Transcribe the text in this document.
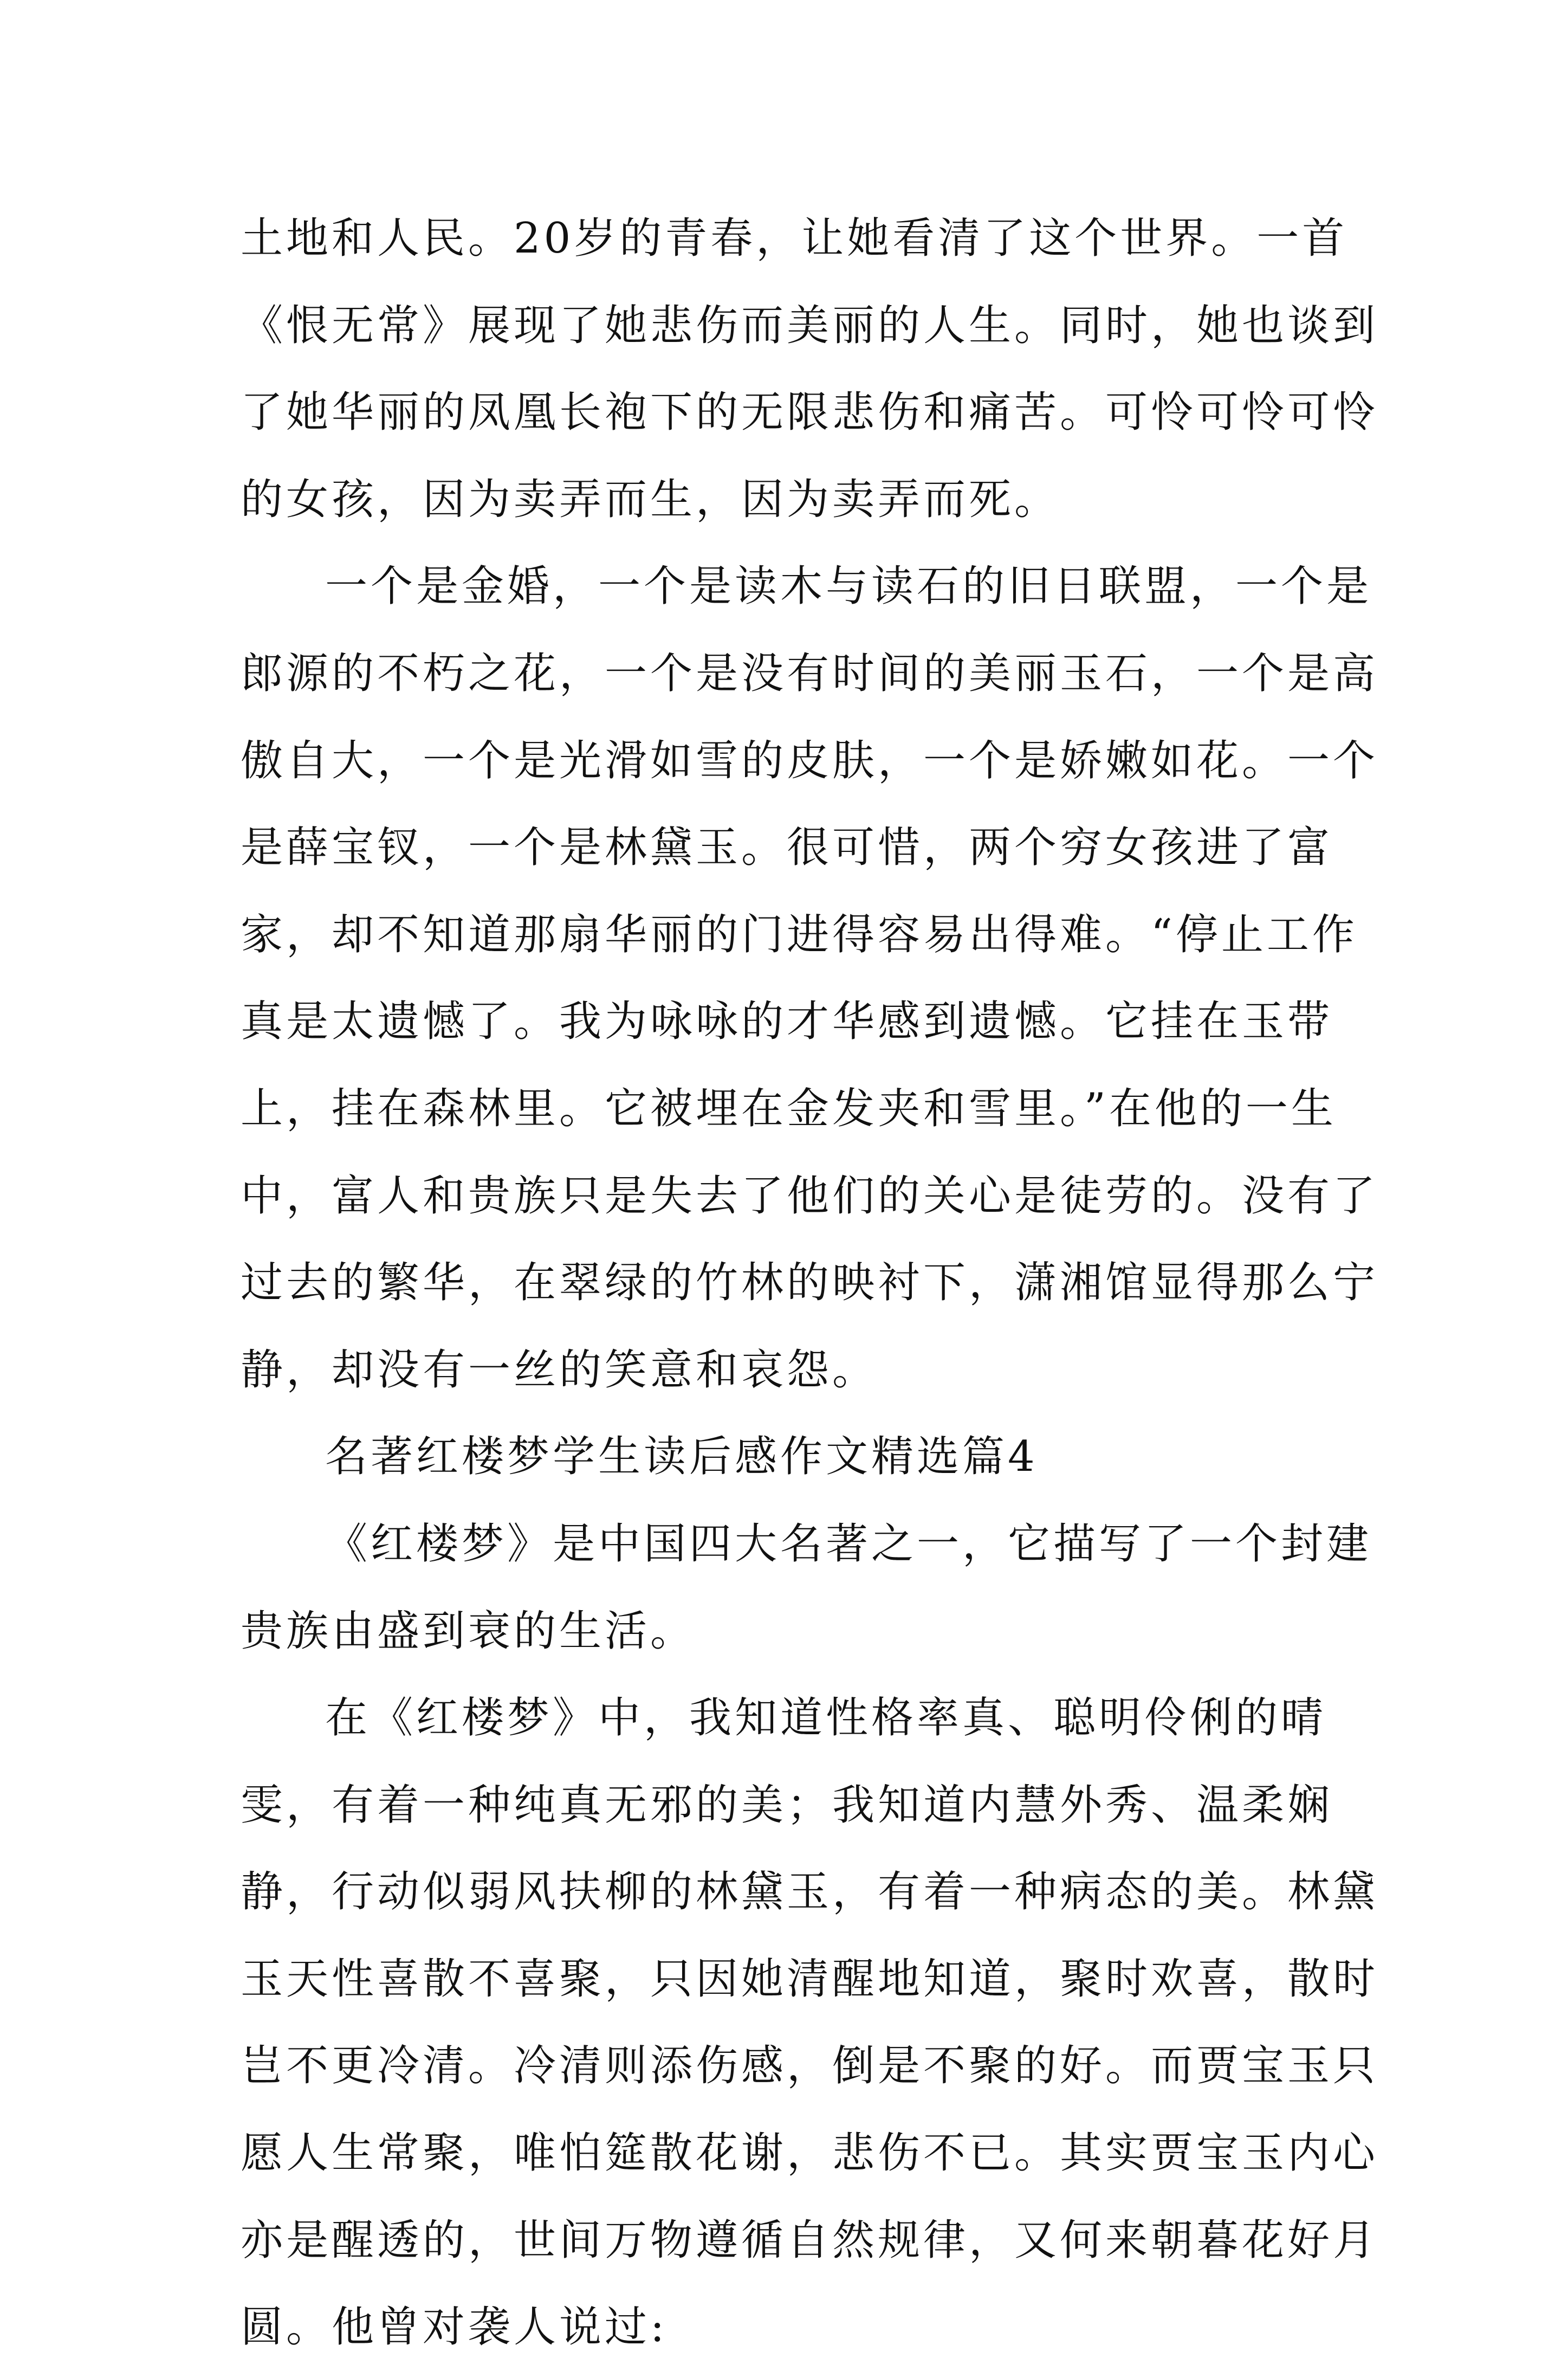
土地和人民。20岁的青春，让她看清了这个世界。一首《恨无常》展现了她悲伤而美丽的人生。同时，她也谈到了她华丽的凤凰长袍下的无限悲伤和痛苦。可怜可怜可怜的女孩，因为卖弄而生，因为卖弄而死。

一个是金婚，一个是读木与读石的旧日联盟，一个是郎源的不朽之花，一个是没有时间的美丽玉石，一个是高傲自大，一个是光滑如雪的皮肤，一个是娇嫩如花。一个是薛宝钗，一个是林黛玉。很可惜，两个穷女孩进了富家，却不知道那扇华丽的门进得容易出得难。“停止工作真是太遗憾了。我为咏咏的才华感到遗憾。它挂在玉带上，挂在森林里。它被埋在金发夹和雪里。”在他的一生中，富人和贵族只是失去了他们的关心是徒劳的。没有了过去的繁华，在翠绿的竹林的映衬下，潇湘馆显得那么宁静，却没有一丝的笑意和哀怨。

名著红楼梦学生读后感作文精选篇4

《红楼梦》是中国四大名著之一，它描写了一个封建贵族由盛到衰的生活。

在《红楼梦》中，我知道性格率真、聪明伶俐的晴雯，有着一种纯真无邪的美；我知道内慧外秀、温柔娴静，行动似弱风扶柳的林黛玉，有着一种病态的美。林黛玉天性喜散不喜聚，只因她清醒地知道，聚时欢喜，散时岂不更冷清。冷清则添伤感，倒是不聚的好。而贾宝玉只愿人生常聚，唯怕筵散花谢，悲伤不已。其实贾宝玉内心亦是醒透的，世间万物遵循自然规律，又何来朝暮花好月圆。他曾对袭人说过:
